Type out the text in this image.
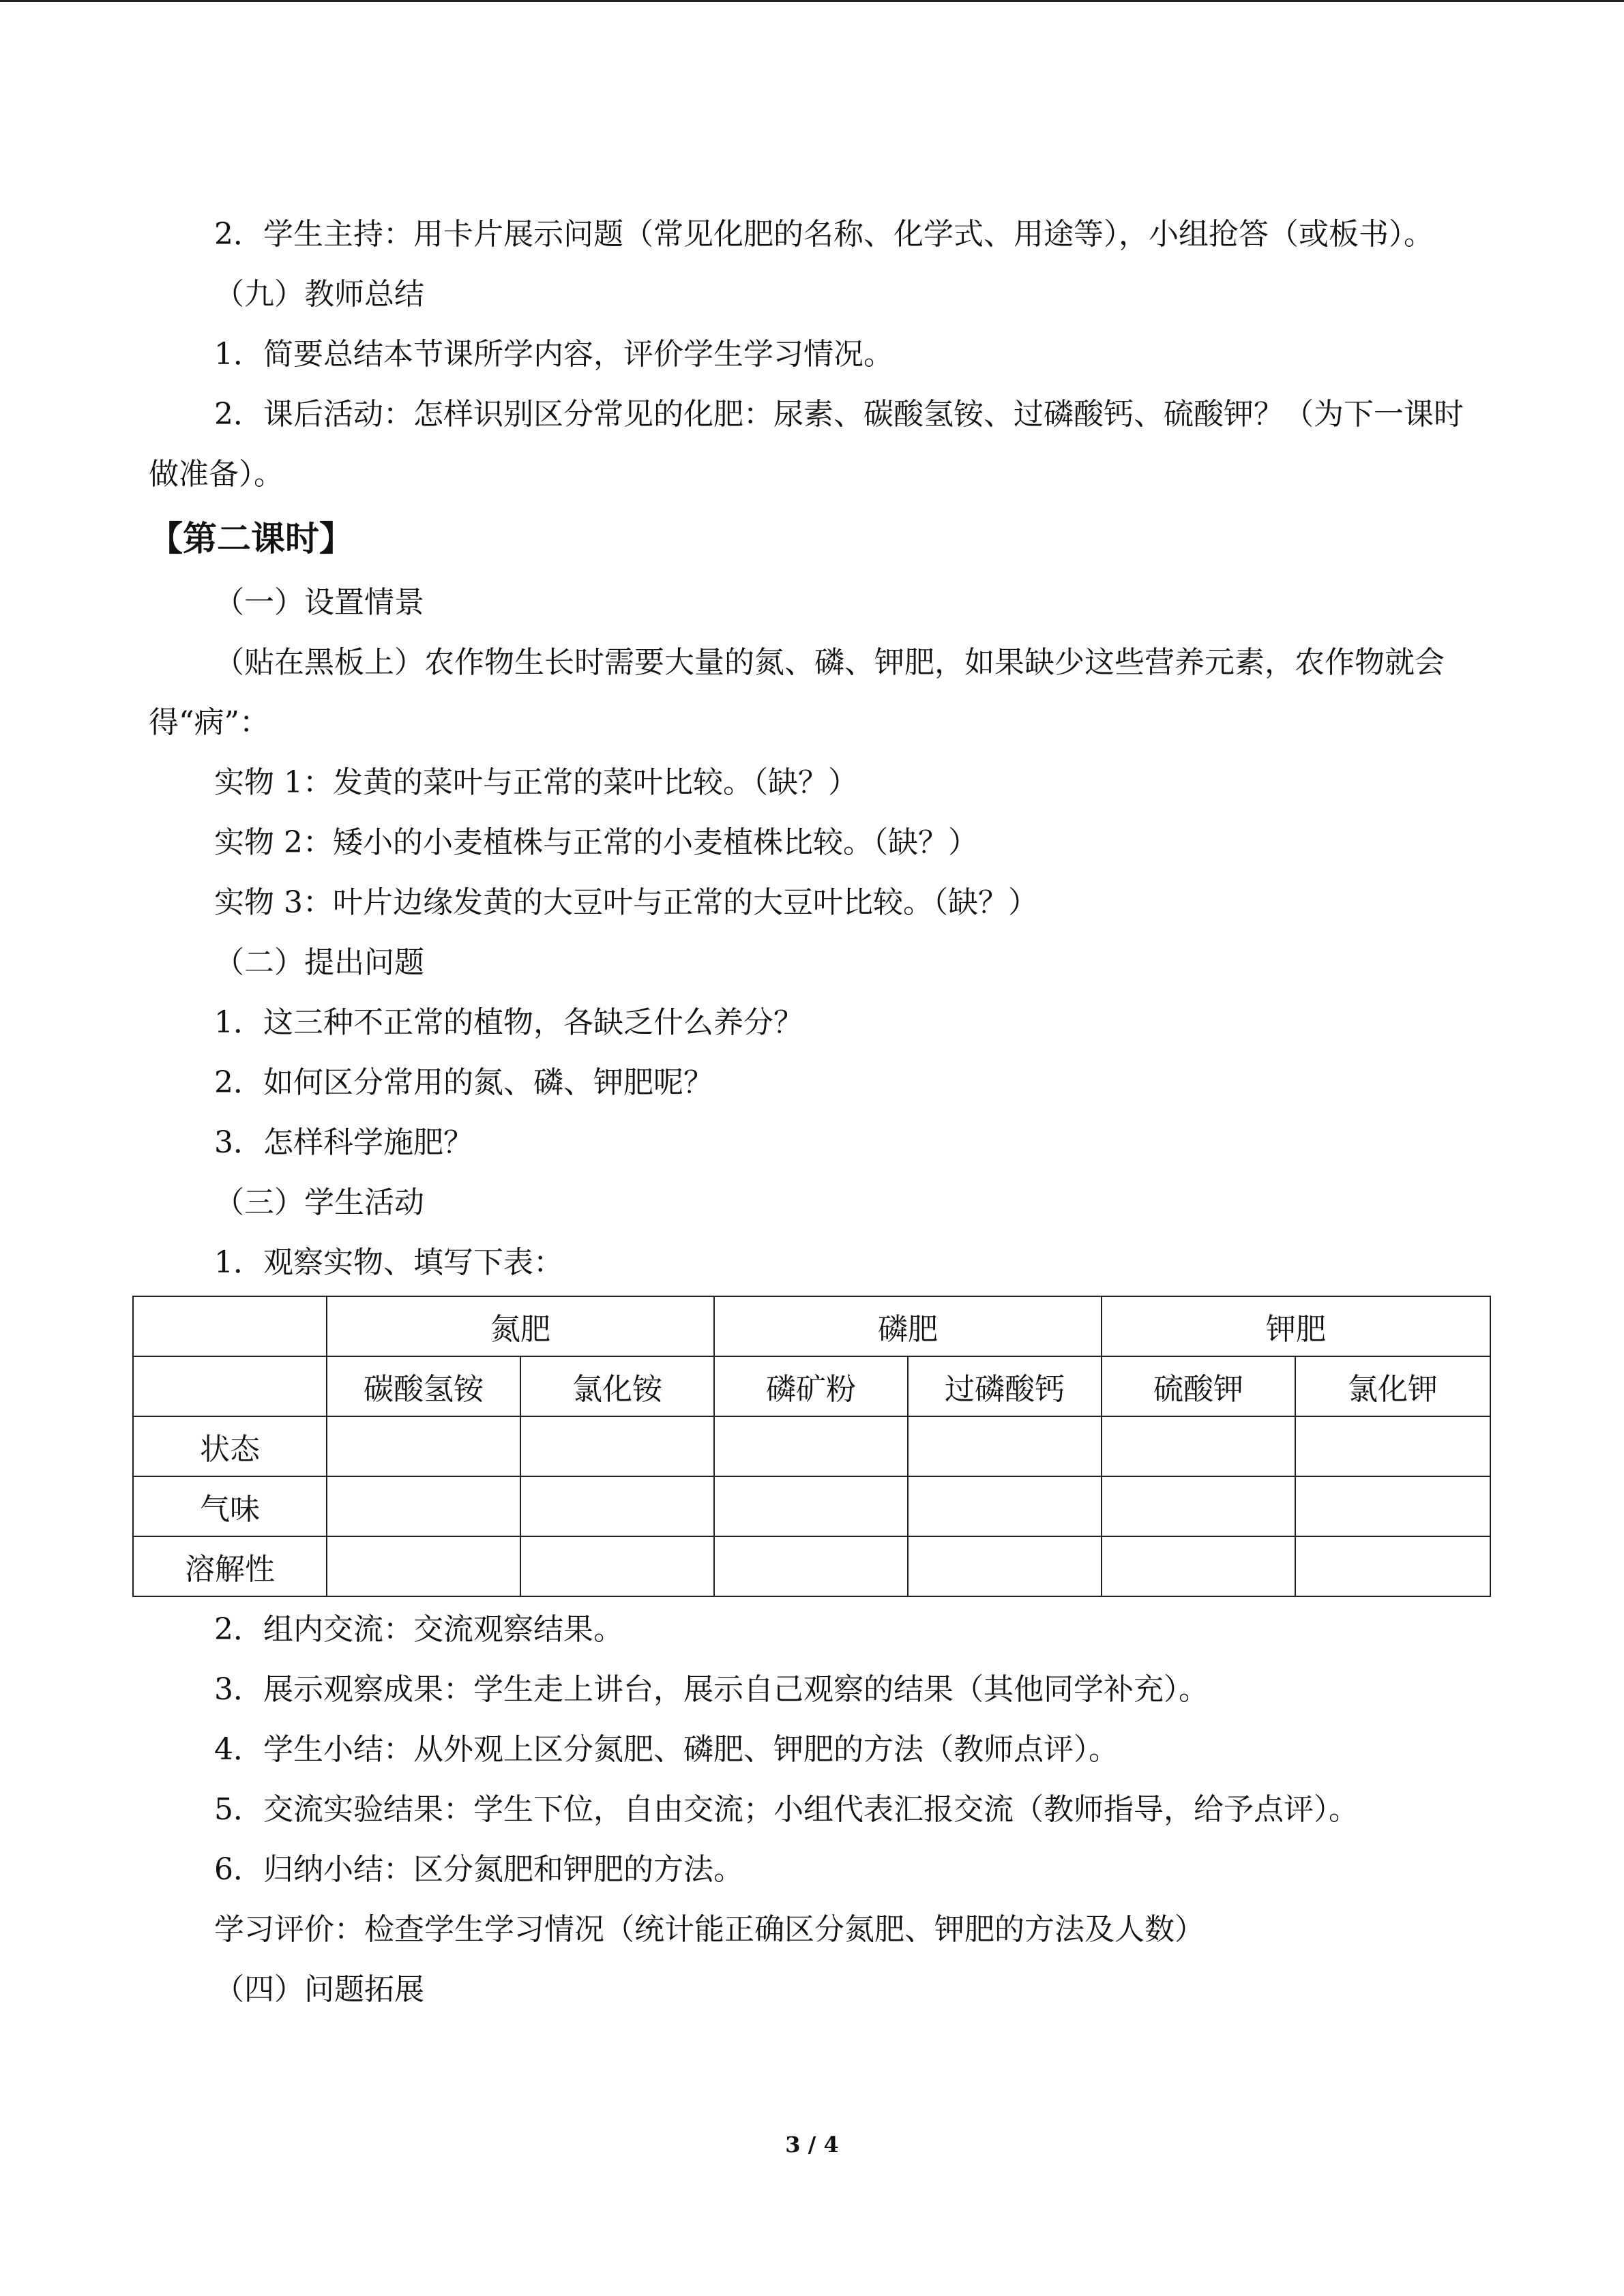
2．学生主持：用卡片展示问题（常见化肥的名称、化学式、用途等），小组抢答（或板书）。

（九）教师总结

1．简要总结本节课所学内容，评价学生学习情况。

2．课后活动：怎样识别区分常见的化肥：尿素、碳酸氢铵、过磷酸钙、硫酸钾？（为下一课时做准备）。

【第二课时】

（一）设置情景

（贴在黑板上）农作物生长时需要大量的氮、磷、钾肥，如果缺少这些营养元素，农作物就会得“病”：

实物 1：发黄的菜叶与正常的菜叶比较。（缺？）

实物 2：矮小的小麦植株与正常的小麦植株比较。（缺？）

实物 3：叶片边缘发黄的大豆叶与正常的大豆叶比较。（缺？）

（二）提出问题

1．这三种不正常的植物，各缺乏什么养分？

2．如何区分常用的氮、磷、钾肥呢？

3．怎样科学施肥？

（三）学生活动

1．观察实物、填写下表：

	氮肥		磷肥		钾肥	
	碳酸氢铵	氯化铵	磷矿粉	过磷酸钙	硫酸钾	氯化钾
状态						
气味						
溶解性						

2．组内交流：交流观察结果。

3．展示观察成果：学生走上讲台，展示自己观察的结果（其他同学补充）。

4．学生小结：从外观上区分氮肥、磷肥、钾肥的方法（教师点评）。

5．交流实验结果：学生下位，自由交流；小组代表汇报交流（教师指导，给予点评）。

6．归纳小结：区分氮肥和钾肥的方法。

学习评价：检查学生学习情况（统计能正确区分氮肥、钾肥的方法及人数）

（四）问题拓展

3 / 4
